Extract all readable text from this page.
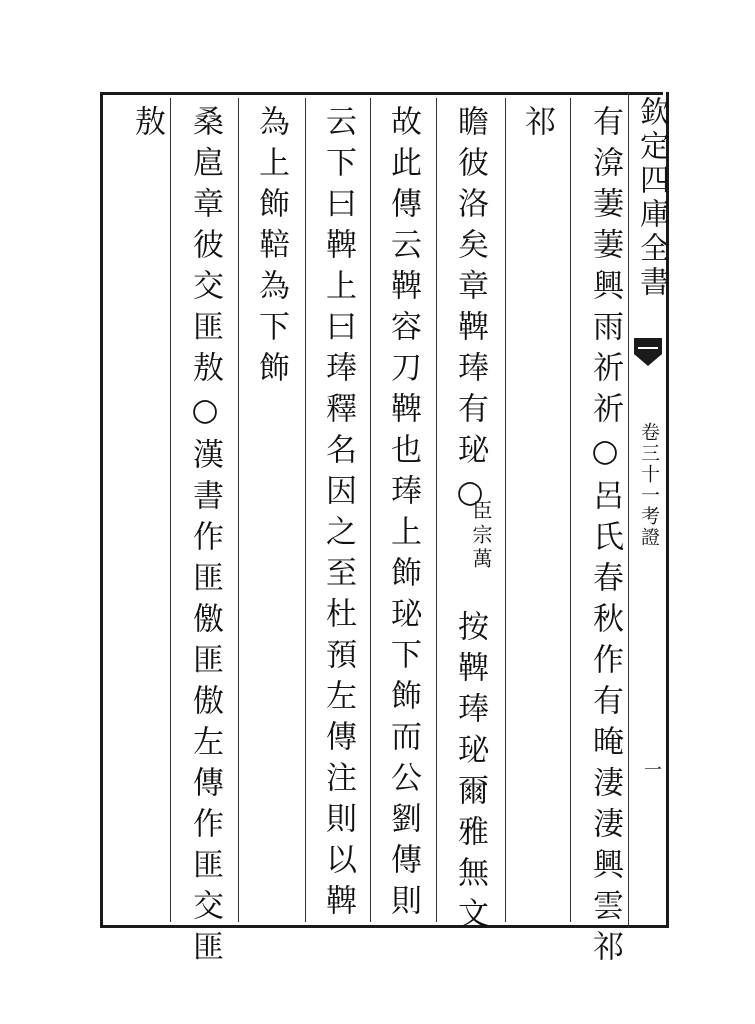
欽定四庫全書
卷三十一考證
一
有渰萋萋興雨祈祈○呂氏春秋作有晻淒淒興雲祁
祁
瞻彼洛矣章鞞琫有珌○
臣宗萬
按鞞琫珌爾雅無文
故此傳云鞞容刀鞞也琫上飾珌下飾而公劉傳則
云下曰鞞上曰琫釋名因之至杜預左傳注則以鞞
為上飾鞛為下飾
桑扈章彼交匪敖○漢書作匪儌匪傲左傳作匪交匪
敖
